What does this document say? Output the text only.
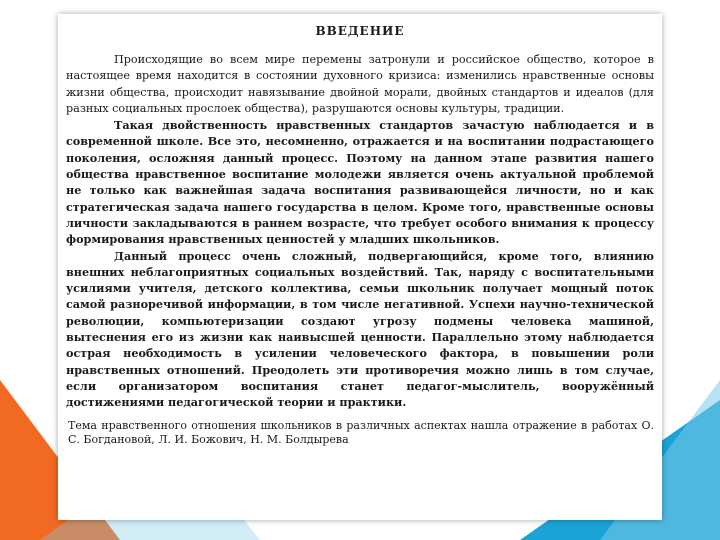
ВВЕДЕНИЕ

Происходящие во всем мире перемены затронули и российское общество, которое в настоящее время находится в состоянии духовного кризиса: изменились нравственные основы жизни общества, происходит навязывание двойной морали, двойных стандартов и идеалов (для разных социальных прослоек общества), разрушаются основы культуры, традиции.

Такая двойственность нравственных стандартов зачастую наблюдается и в современной школе. Все это, несомненно, отражается и на воспитании подрастающего поколения, осложняя данный процесс. Поэтому на данном этапе развития нашего общества нравственное воспитание молодежи является очень актуальной проблемой не только как важнейшая задача воспитания развивающейся личности, но и как стратегическая задача нашего государства в целом. Кроме того, нравственные основы личности закладываются в раннем возрасте, что требует особого внимания к процессу формирования нравственных ценностей у младших школьников.

Данный процесс очень сложный, подвергающийся, кроме того, влиянию внешних неблагоприятных социальных воздействий. Так, наряду с воспитательными усилиями учителя, детского коллектива, семьи школьник получает мощный поток самой разноречивой информации, в том числе негативной. Успехи научно-технической революции, компьютеризации создают угрозу подмены человека машиной, вытеснения его из жизни как наивысшей ценности. Параллельно этому наблюдается острая необходимость в усилении человеческого фактора, в повышении роли нравственных отношений. Преодолеть эти противоречия можно лишь в том случае, если организатором воспитания станет педагог-мыслитель, вооружённый достижениями педагогической теории и практики.

Тема нравственного отношения школьников в различных аспектах нашла отражение в работах О. С. Богдановой, Л. И. Божович, Н. М. Болдырева
